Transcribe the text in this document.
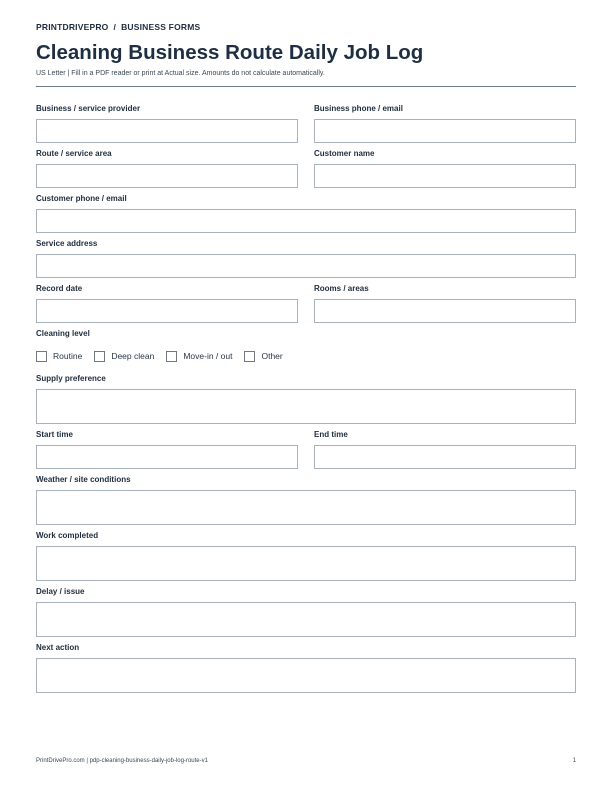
PRINTDRIVEPRO / BUSINESS FORMS
Cleaning Business Route Daily Job Log
US Letter | Fill in a PDF reader or print at Actual size. Amounts do not calculate automatically.
Business / service provider	Business phone / email
Route / service area	Customer name
Customer phone / email
Service address
Record date	Rooms / areas
Cleaning level
Routine	Deep clean	Move-in / out	Other
Supply preference
Start time	End time
Weather / site conditions
Work completed
Delay / issue
Next action
PrintDrivePro.com | pdp-cleaning-business-daily-job-log-route-v1	1
